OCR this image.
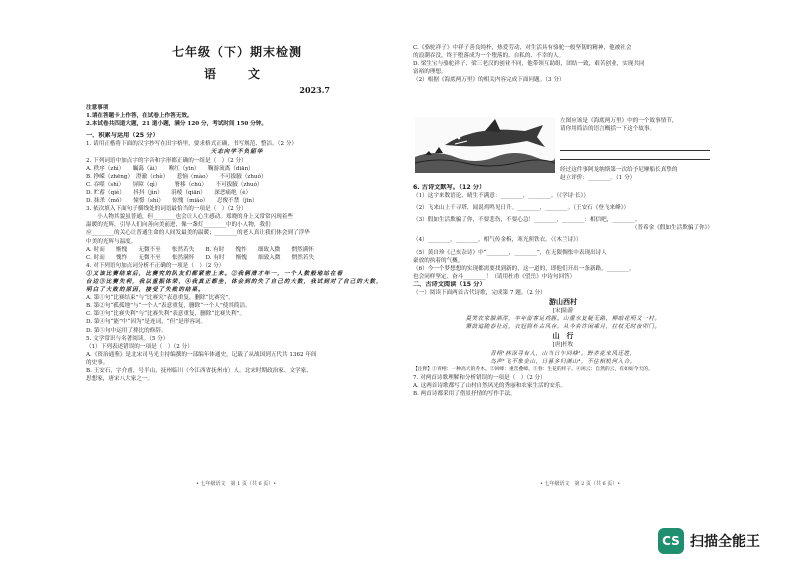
七年级（下）期末检测
语　文
2023.7
注意事项
1.请在答题卡上作答，在试卷上作答无效。
2.本试卷共四道大题，21 道小题，满分 120 分，考试时间 150 分钟。
一、积累与运用（25 分）
1. 请用正楷将下面的汉字抄写在田字格里，要求格式正确，书写规范、整洁。（2 分）
天志向学不负韶华
2. 下列词语中加点字的字音和字形都正确的一组是（　）（2 分）
A. 秩序（zhì）　　瞩蔼（ǎi）　　喉红（yīn）　　鞠游流离（diān）
B. 挣嵘（zhēng）　澄澈（chè）　　惹恼（mào）　　不可拔腋（zhuó）
C. 吞噬（shì）　　屏障（qì）　　　署移（chú）　　不可拔腋（zhuó）
D. 贮蓄（qiè）　　抖抖（jìn）　　涓棱（qiān）　　深恶痛绝（è）
D. 抹杀（mǒ）　　憧憬（shí）　　惊愧（miǎo）　　忍俊不禁（jīn）
3. 依次填入下面句子横线处的词语最恰当的一项是（　）（2 分）
　　小人物其貌虽普通，但________也会让人心生感动。郑晓的身上又常常闪现着些
温暖的光辉，引导人们向善向美前进，像一盏灯________中的小人物，我们
应________的关心让普通生命的人间发最美的温暖；________的老人真让我们体会到了浮华
中美的光辉与温度。
A. 时而　　惭愧　　无微不至　　怅然若失　　B. 有时　　愧怍　　细致入微　　惘然满怀
C. 时而　　愧怍　　无微不至　　怅然满怀　　D. 有时　　惭愧　　细致入微　　惘然若失
4. 对下列语句加点词分析不正确的一项是（　）（2 分）
①又该比赛结束后，比赛究的队友们都紧密上来。②我俩清才年一，一个人数般地站在看
台边③比赛失利，我以重振体荣，④我真正都坐，体会到的失了自己的大数，我试到对了自己的大数，
明白了大败的原因，接受了失败的结果。
A. 第①句“比赛结束”与“比赛究”表意重复，删除“比赛究”。
B. 第②句“孤孤地”与“一个人”表意重复，删除“一个人”使其简洁。
C. 第③句“比赛失利”与“比赛失利”表意重复，删除“比赛失利”。
D. 第④句“能”中“因为”是连词，“但”是形容词。
D. 第⑤句中运用了排比的修辞。
5. 文学常识与名著阅读。（5 分）
（1）下列表述错误的一项是（　）（2 分）
A.《资治通鉴》是北宋司马光主持编撰的一部编年体通史，记载了从战国到五代共 1362 年间
的史事。
B. 王安石，字介甫，号半山，抚州临川（今江西省抚州市）人。北宋时期政治家、文学家、
思想家，唐宋八大家之一。
C.《骆驼祥子》中祥子善良纯朴，热爱劳动，对生活具有骆驼一般坚韧的精神，他被社会
的浪潮吞没，终于堕落成为一个堕落的、自私的、不幸的人。
D. 梁生宝与骆驼祥子、梁三老汉的创业不同，他带领互助组，团结一致，艰苦创业，实现共同
富裕的理想。
（2）根据《海底两万里》的相关内容完成下面问题。（3 分）
左图应该是《海底两万里》中的一个故事情节，
请你用简洁的语言概括一下这个故事。
经过这件事阿龙纳斯第一次给予尼摩船长真挚的
赵立评价：________。（1 分）
6. 古诗文默写。（12 分）
（1）这宇来数语论，晴生不满意：________，________。（《学诗·长》）
（2）飞来山上千寻塔，闻说鸡鸣见日升。________，________。（王安石《登飞来峰》）
（3）假如生活欺骗了你，不要悲伤，不要心急！________，________：相信吧，________。
（普希金《假如生活欺骗了你》）
（4）________，________，相气传金柝，寒光照铁衣。（《木兰诗》）
（5）黄自珍《己亥杂诗》中“________，________”，在无限惆怅中表现出诗人
豪放的执着的气概。
（6）今一个梦想想的实现都需要找到新的，这一道的，即他们开出一条新路，________，
也会同样坚定、奋斗________！（请用杜甫《望岳》中诗句回答）
二、古诗文阅读（15 分）
（一）阅读下面两首古代诗歌，完成第 7 题。（2 分）
游山西村
[宋]陆游
莫笑农家腊酒浑，丰年留客足鸡豚。山重水复疑无路，柳暗花明又一村。
箫鼓追随春社近，衣冠简朴古风存。从今若许闲乘月，拄杖无时夜叩门。
山　行
[唐]杜牧
青栩¹林深寻有人，山当日午回峰²。野荞花来风还胜，
鸟声³飞不象金山，日暮多归满山⁴，不住相机何入合。
【注释】①青栩：一种高大的乔木。②回峰：重峦叠嶂。③春：生花的样子。④闲云：自然的云，有如如今天的。
7. 对两首诗歌理解和分析错误的一项是（　）（2 分）
A. 这两首诗歌都写了山村自然风光的秀丽和农家生活的安乐。
B. 两首诗都采用了借景抒情的写作手法。
• 七年级语文　第 1 页（共 6 页）•	• 七年级语文　第 2 页（共 6 页）•
CS 扫描全能王
